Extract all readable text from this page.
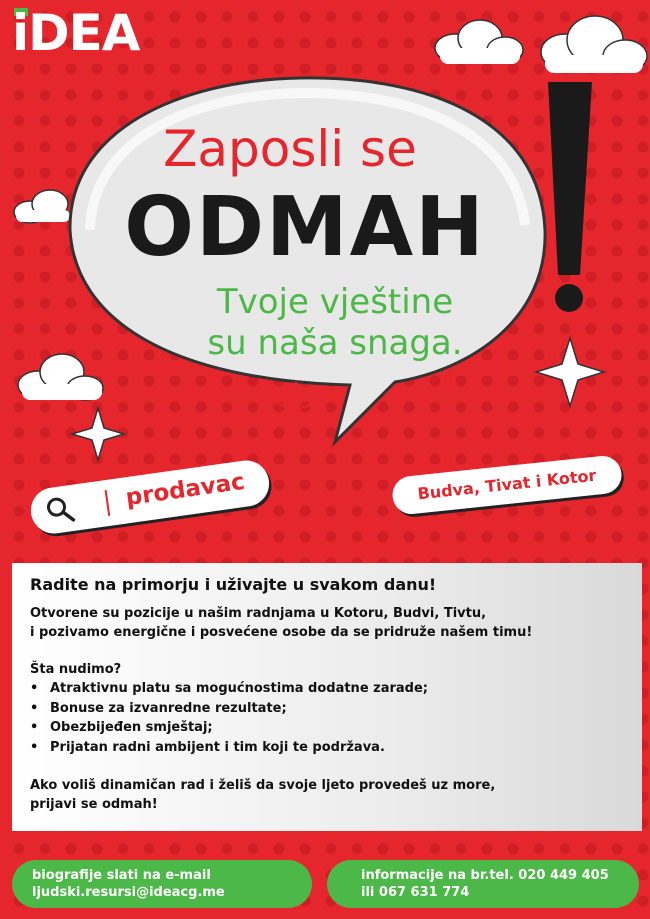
iDEA
Zaposli se
ODMAH
Tvoje vještine
su naša snaga.
prodavac	Budva, Tivat i Kotor
Radite na primorju i uživajte u svakom danu!
Otvorene su pozicije u našim radnjama u Kotoru, Budvi, Tivtu,
i pozivamo energične i posvećene osobe da se pridruže našem timu!
Šta nudimo?
• Atraktivnu platu sa mogućnostima dodatne zarade;
• Bonuse za izvanredne rezultate;
• Obezbijeđen smještaj;
• Prijatan radni ambijent i tim koji te podržava.
Ako voliš dinamičan rad i želiš da svoje ljeto provedeš uz more,
prijavi se odmah!
biografije slati na e-mail
ljudski.resursi@ideacg.me
informacije na br.tel. 020 449 405
ili 067 631 774
